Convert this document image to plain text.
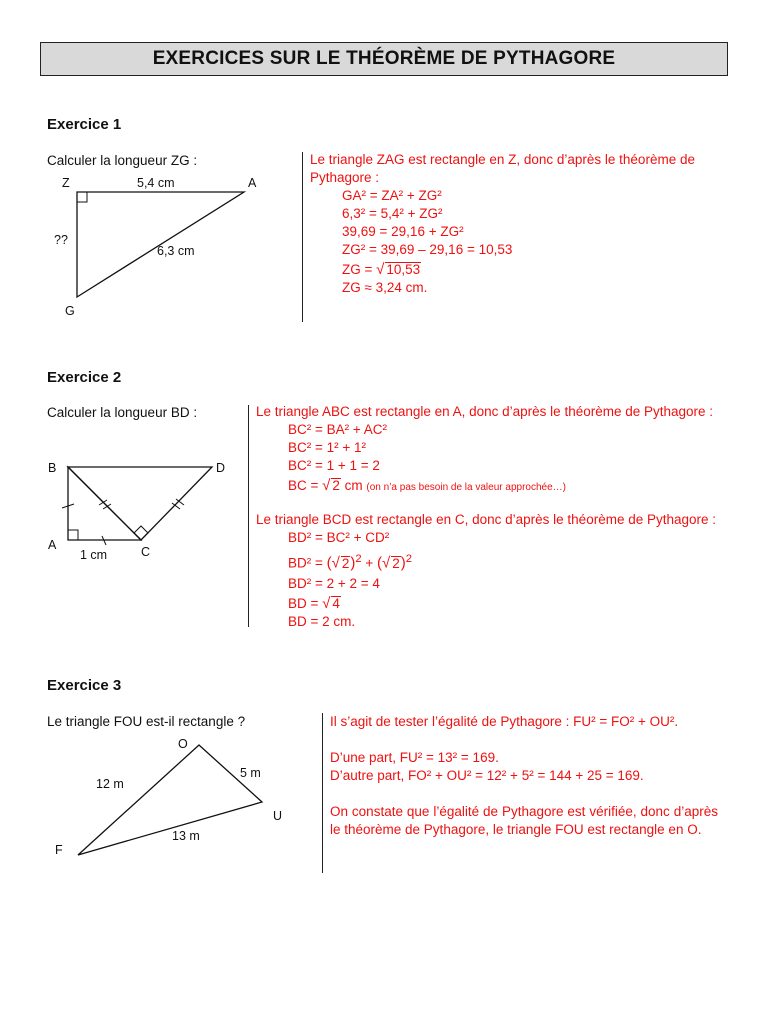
EXERCICES SUR LE THÉORÈME DE PYTHAGORE
Exercice 1
Calculer la longueur ZG :
Z	A
G
5,4 cm
6,3 cm
??
Le triangle ZAG est rectangle en Z, donc d’après le théorème de
Pythagore :
GA² = ZA² + ZG²
6,3² = 5,4² + ZG²
39,69 = 29,16 + ZG²
ZG² = 39,69 – 29,16 = 10,53
ZG = √ 10,53
ZG ≈ 3,24 cm.
Exercice 2
Calculer la longueur BD :
B	D
A	C
1 cm
Le triangle ABC est rectangle en A, donc d’après le théorème de Pythagore :
BC² = BA² + AC²
BC² = 1² + 1²
BC² = 1 + 1 = 2
BC = √ 2 cm (on n’a pas besoin de la valeur approchée…)
Le triangle BCD est rectangle en C, donc d’après le théorème de Pythagore :
BD² = BC² + CD²
BD² = (√ 2)$^2$ + (√ 2)$^2$
BD² = 2 + 2 = 4
BD = √ 4
BD = 2 cm.
Exercice 3
Le triangle FOU est-il rectangle ?
O
F
U
12 m
5 m
13 m
Il s’agit de tester l’égalité de Pythagore : FU² = FO² + OU².
D’une part, FU² = 13² = 169.
D’autre part, FO² + OU² = 12² + 5² = 144 + 25 = 169.
On constate que l’égalité de Pythagore est vérifiée, donc d’après le théorème de Pythagore, le triangle FOU est rectangle en O.
